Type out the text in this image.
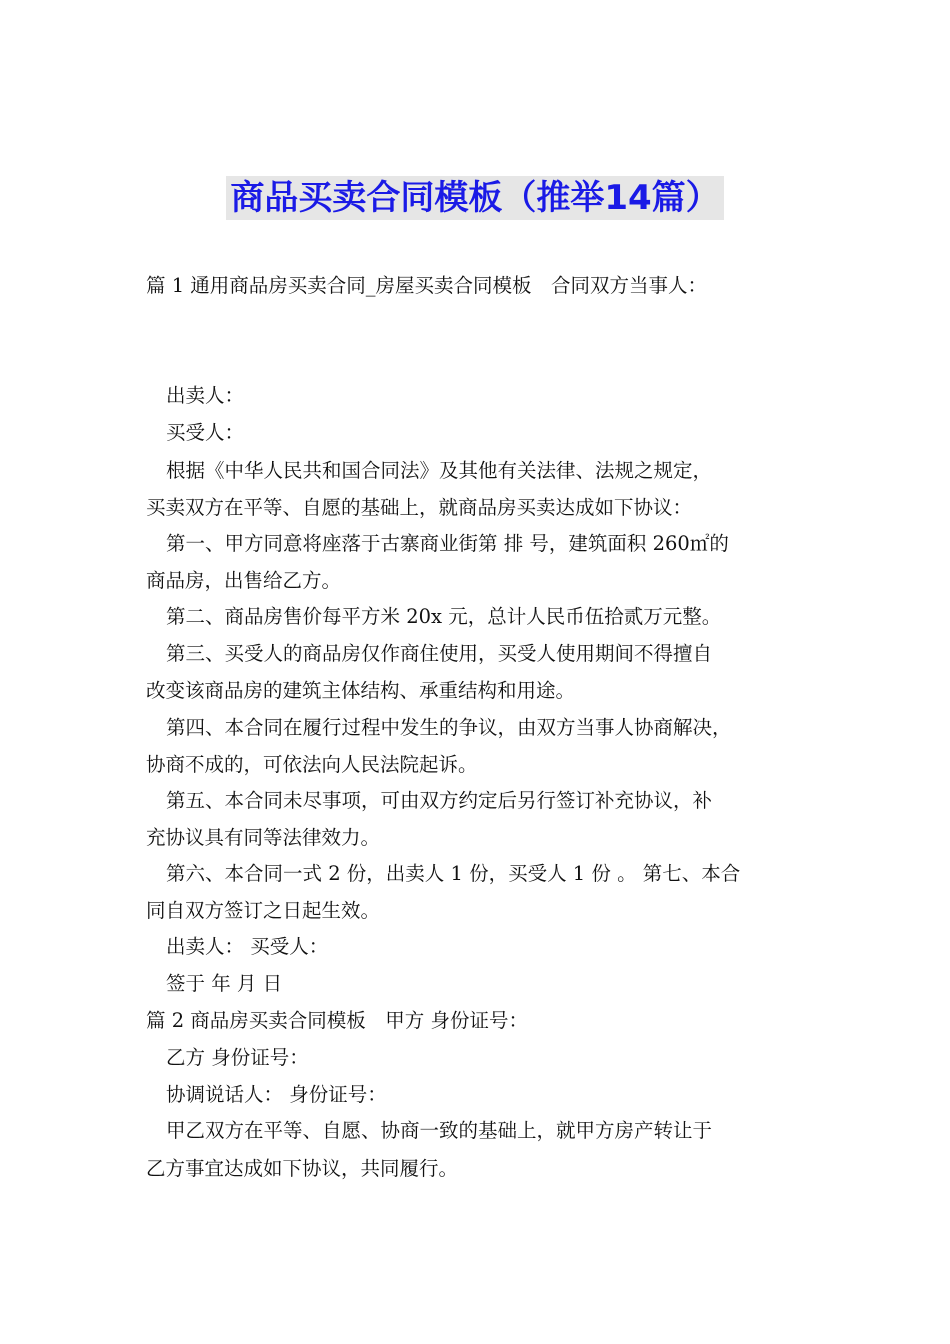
商品买卖合同模板（推举14篇）
篇 1 通用商品房买卖合同_房屋买卖合同模板　合同双方当事人：
出卖人：
买受人：
根据《中华人民共和国合同法》及其他有关法律、法规之规定，
买卖双方在平等、自愿的基础上，就商品房买卖达成如下协议：
第一、甲方同意将座落于古寨商业街第 排 号，建筑面积 260㎡的
商品房，出售给乙方。
第二、商品房售价每平方米 20x 元，总计人民币伍拾贰万元整。
第三、买受人的商品房仅作商住使用，买受人使用期间不得擅自
改变该商品房的建筑主体结构、承重结构和用途。
第四、本合同在履行过程中发生的争议，由双方当事人协商解决，
协商不成的，可依法向人民法院起诉。
第五、本合同未尽事项，可由双方约定后另行签订补充协议，补
充协议具有同等法律效力。
第六、本合同一式 2 份，出卖人 1 份，买受人 1 份 。 第七、本合
同自双方签订之日起生效。
出卖人： 买受人：
签于 年 月 日
篇 2 商品房买卖合同模板　甲方 身份证号：
乙方 身份证号：
协调说话人： 身份证号：
甲乙双方在平等、自愿、协商一致的基础上，就甲方房产转让于
乙方事宜达成如下协议，共同履行。
